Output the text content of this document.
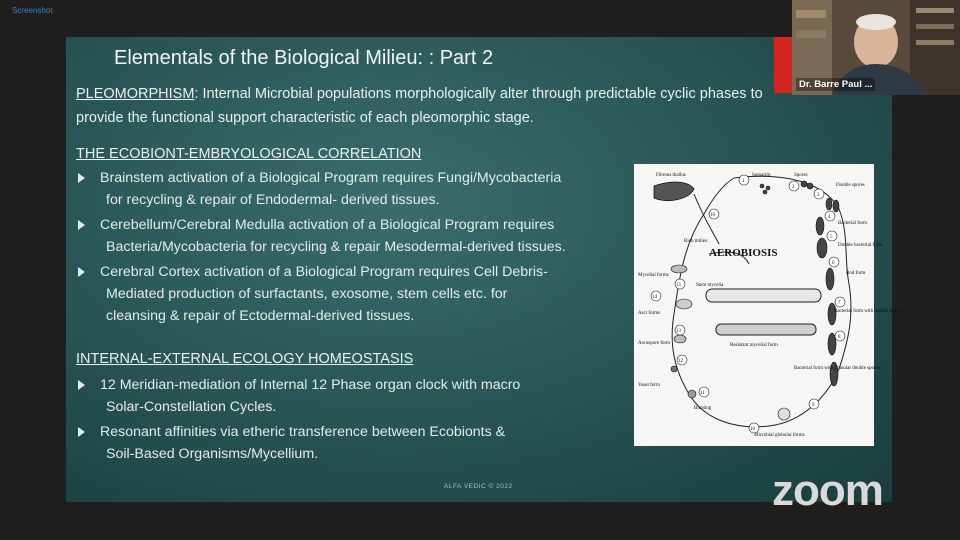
Screenshot
Elementals of the Biological Milieu: : Part 2
PLEOMORPHISM: Internal Microbial populations morphologically alter through predictable cyclic phases to provide the functional support characteristic of each pleomorphic stage.
THE ECOBIONT-EMBRYOLOGICAL CORRELATION
Brainstem activation of a Biological Program requires Fungi/Mycobacteria
for recycling & repair of Endodermal- derived tissues.
Cerebellum/Cerebral Medulla activation of a Biological Program requires
Bacteria/Mycobacteria for recycling & repair Mesodermal-derived tissues.
Cerebral Cortex activation of a Biological Program requires Cell Debris-
Mediated production of surfactants, exosome, stem cells etc. for
cleansing & repair of Ectodermal-derived tissues.
INTERNAL-EXTERNAL ECOLOGY HOMEOSTASIS
12 Meridian-mediation of Internal 12 Phase organ clock with macro
Solar-Constellation Cycles.
Resonant affinities via etheric transference between Ecobionts &
Soil-Based Organisms/Mycellium.
AEROBIOSIS
Fibrous thallus	Somatids	Spores
Double spores
Bacterial form
Double bacterial form
Rod form
Bacterial form with double spores
Bacterial form with granular double spores
Microbial globular forms
Bursting
Yeast form
Ascospore form
Asci forms
Mycelial forms
Rich milieu
Stem mycelia
Resistant mycelial form
1
2
3
4
5
6
7
8
9
10
11
12
13
14
15
16
ALFA VEDIC © 2022
Dr. Barre Paul ...
zoom
